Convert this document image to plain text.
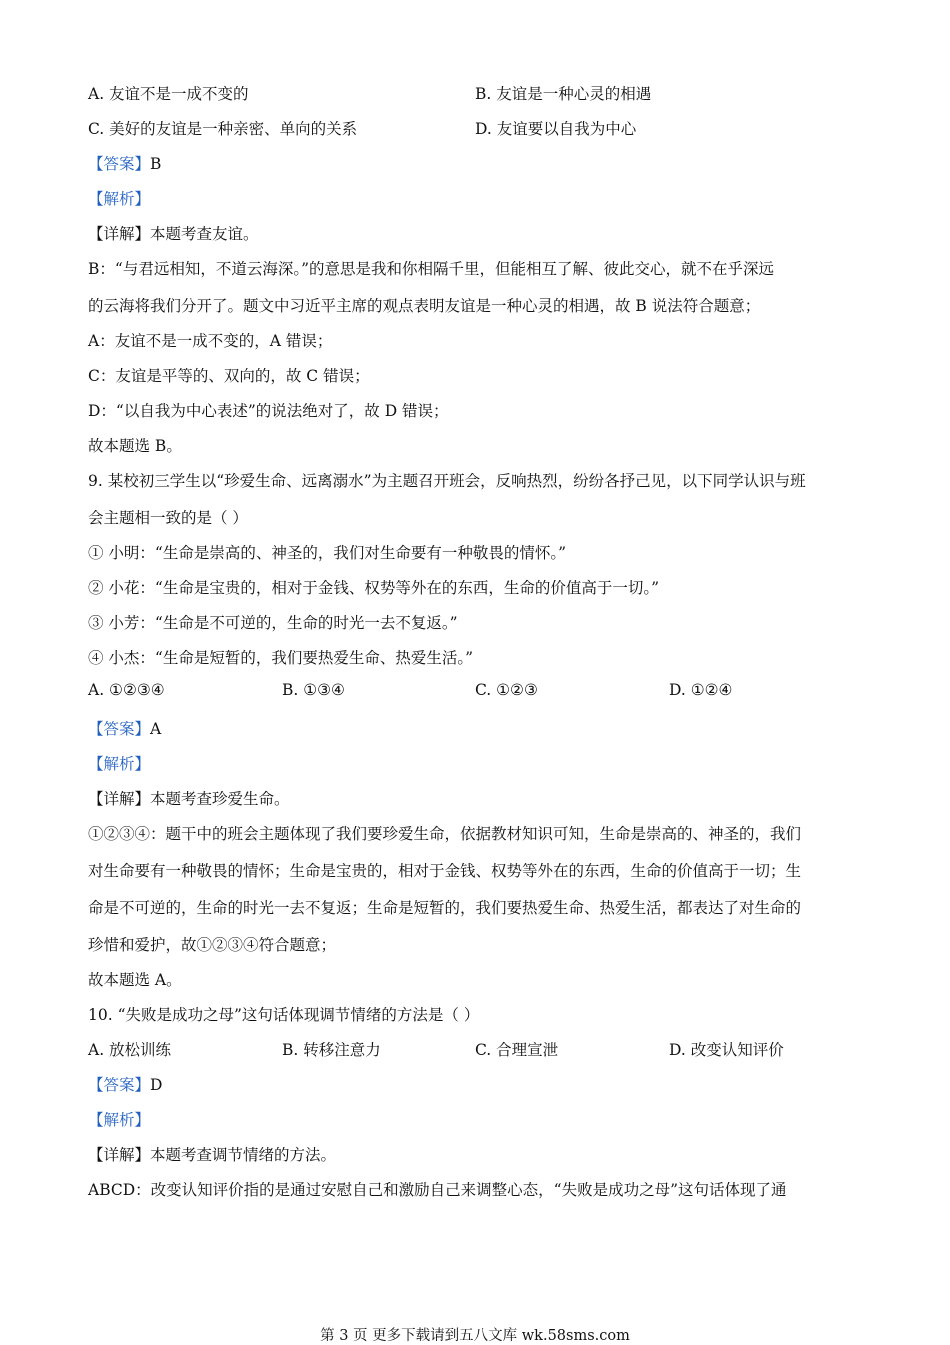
A. 友谊不是一成不变的	B. 友谊是一种心灵的相遇
C. 美好的友谊是一种亲密、单向的关系	D. 友谊要以自我为中心
【答案】B
【解析】
【详解】本题考查友谊。
B：“与君远相知，不道云海深。”的意思是我和你相隔千里，但能相互了解、彼此交心，就不在乎深远
的云海将我们分开了。题文中习近平主席的观点表明友谊是一种心灵的相遇，故 B 说法符合题意；
A：友谊不是一成不变的，A 错误；
C：友谊是平等的、双向的，故 C 错误；
D：“以自我为中心表述”的说法绝对了，故 D 错误；
故本题选 B。
9. 某校初三学生以“珍爱生命、远离溺水”为主题召开班会，反响热烈，纷纷各抒己见，以下同学认识与班
会主题相一致的是（ ）
① 小明：“生命是崇高的、神圣的，我们对生命要有一种敬畏的情怀。”
② 小花：“生命是宝贵的，相对于金钱、权势等外在的东西，生命的价值高于一切。”
③ 小芳：“生命是不可逆的，生命的时光一去不复返。”
④ 小杰：“生命是短暂的，我们要热爱生命、热爱生活。”
A. ①②③④	B. ①③④	C. ①②③	D. ①②④
【答案】A
【解析】
【详解】本题考查珍爱生命。
①②③④：题干中的班会主题体现了我们要珍爱生命，依据教材知识可知，生命是崇高的、神圣的，我们
对生命要有一种敬畏的情怀；生命是宝贵的，相对于金钱、权势等外在的东西，生命的价值高于一切；生
命是不可逆的，生命的时光一去不复返；生命是短暂的，我们要热爱生命、热爱生活，都表达了对生命的
珍惜和爱护，故①②③④符合题意；
故本题选 A。
10. “失败是成功之母”这句话体现调节情绪的方法是（ ）
A. 放松训练	B. 转移注意力	C. 合理宣泄	D. 改变认知评价
【答案】D
【解析】
【详解】本题考查调节情绪的方法。
ABCD：改变认知评价指的是通过安慰自己和激励自己来调整心态，“失败是成功之母”这句话体现了通
第 3 页 更多下载请到五八文库 wk.58sms.com
